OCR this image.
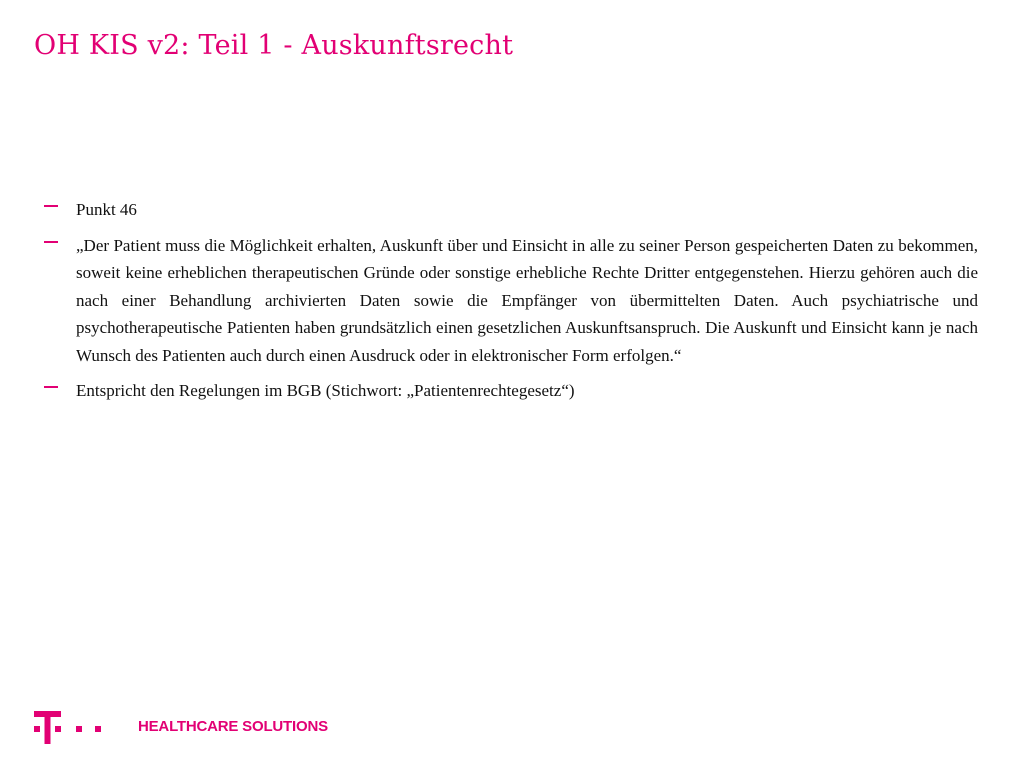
OH KIS v2: Teil 1 - Auskunftsrecht
Punkt 46
„Der Patient muss die Möglichkeit erhalten, Auskunft über und Einsicht in alle zu seiner Person gespeicherten Daten zu bekommen, soweit keine erheblichen therapeutischen Gründe oder sonstige erhebliche Rechte Dritter entgegenstehen. Hierzu gehören auch die nach einer Behandlung archivierten Daten sowie die Empfänger von übermittelten Daten. Auch psychiatrische und psychotherapeutische Patienten haben grundsätzlich einen gesetzlichen Auskunftsanspruch. Die Auskunft und Einsicht kann je nach Wunsch des Patienten auch durch einen Ausdruck oder in elektronischer Form erfolgen.“
Entspricht den Regelungen im BGB (Stichwort: „Patientenrechtegesetz“)
HEALTHCARE SOLUTIONS
